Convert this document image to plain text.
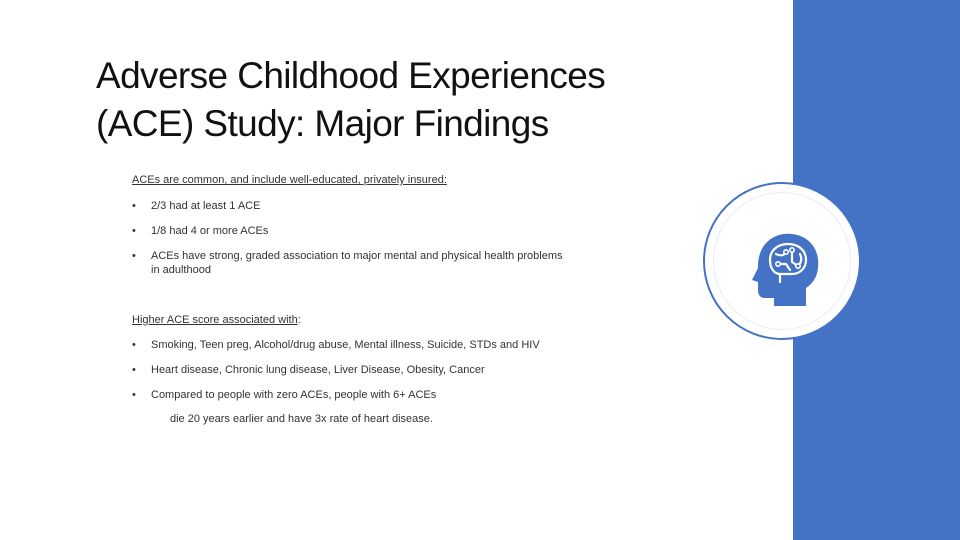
Adverse Childhood Experiences
(ACE) Study: Major Findings

ACEs are common, and include well-educated, privately insured:

• 2/3 had at least 1 ACE
• 1/8 had 4 or more ACEs
• ACEs have strong, graded association to major mental and physical health problems in adulthood

Higher ACE score associated with:

• Smoking, Teen preg, Alcohol/drug abuse, Mental illness, Suicide, STDs and HIV
• Heart disease, Chronic lung disease, Liver Disease, Obesity, Cancer
• Compared to people with zero ACEs, people with 6+ ACEs
die 20 years earlier and have 3x rate of heart disease.
